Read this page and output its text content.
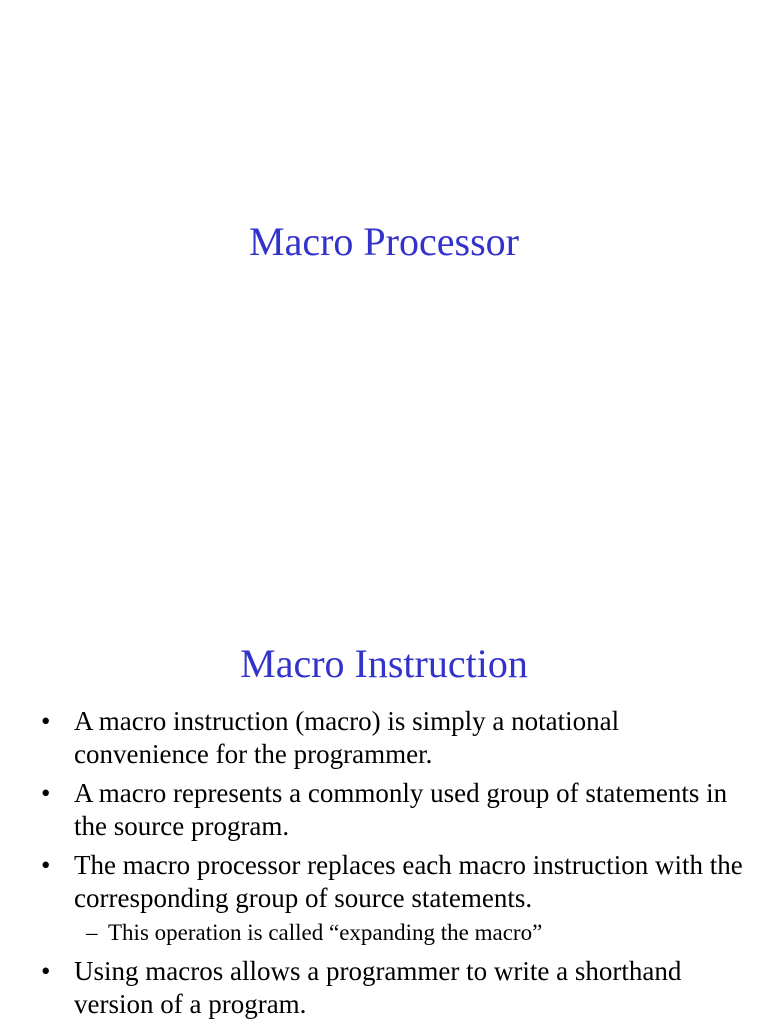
Macro Processor
Macro Instruction
• A macro instruction (macro) is simply a notational convenience for the programmer.
• A macro represents a commonly used group of statements in the source program.
• The macro processor replaces each macro instruction with the corresponding group of source statements.
– This operation is called “expanding the macro”
• Using macros allows a programmer to write a shorthand version of a program.
